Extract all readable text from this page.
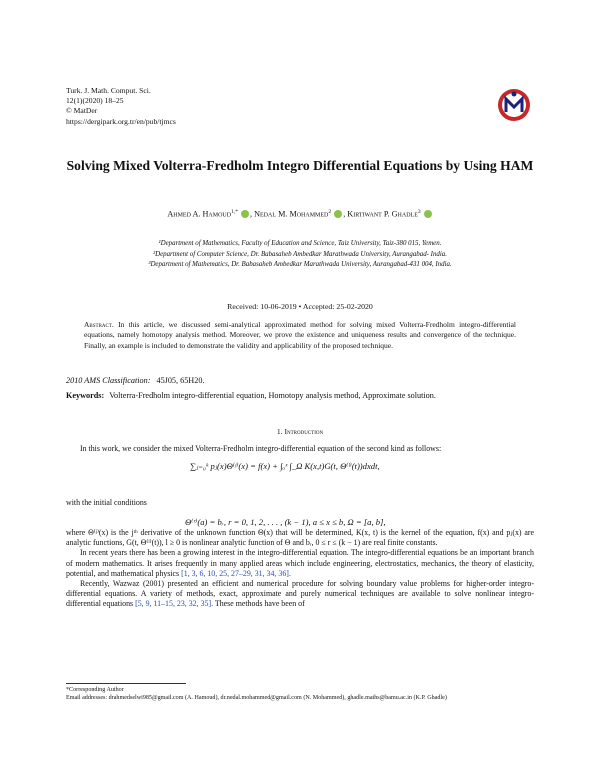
Turk. J. Math. Comput. Sci.
12(1)(2020) 18–25
© MatDer
https://dergipark.org.tr/en/pub/tjmcs
Solving Mixed Volterra-Fredholm Integro Differential Equations by Using HAM
Ahmed A. Hamoud$^{1,*}$ , Nedal M. Mohammed$^2$ , Kirtiwant P. Ghadle$^3$
¹Department of Mathematics, Faculty of Education and Science, Taiz University, Taiz-380 015, Yemen.
²Department of Computer Science, Dr. Babasaheb Ambedkar Marathwada University, Aurangabad- India.
³Department of Mathematics, Dr. Babasaheb Ambedkar Marathwada University, Aurangabad-431 004, India.
Received: 10-06-2019 • Accepted: 25-02-2020
Abstract. In this article, we discussed semi-analytical approximated method for solving mixed Volterra-Fredholm integro-differential equations, namely homotopy analysis method. Moreover, we prove the existence and uniqueness results and convergence of the technique. Finally, an example is included to demonstrate the validity and applicability of the proposed technique.
2010 AMS Classification: 45J05, 65H20.
Keywords: Volterra-Fredholm integro-differential equation, Homotopy analysis method, Approximate solution.
1. Introduction
In this work, we consider the mixed Volterra-Fredholm integro-differential equation of the second kind as follows:
∑ⱼ₌₀ᵏ pⱼ(x)Θ⁽ʲ⁾(x) = f(x) + ∫ₐˣ ∫_Ω K(x,t)G(t, Θ⁽ˡ⁾(t))dxdt,
with the initial conditions
Θ⁽ʳ⁾(a) = bᵣ, r = 0, 1, 2, . . . , (k − 1), a ≤ x ≤ b, Ω = [a, b],
where Θ⁽ʲ⁾(x) is the jᵗʰ derivative of the unknown function Θ(x) that will be determined, K(x, t) is the kernel of the equation, f(x) and pⱼ(x) are analytic functions, G(t, Θ⁽ˡ⁾(t)), l ≥ 0 is nonlinear analytic function of Θ and bᵣ, 0 ≤ r ≤ (k − 1) are real finite constants.
In recent years there has been a growing interest in the integro-differential equation. The integro-differential equations be an important branch of modern mathematics. It arises frequently in many applied areas which include engineering, electrostatics, mechanics, the theory of elasticity, potential, and mathematical physics [1, 3, 6, 10, 25, 27–29, 31, 34, 36].
Recently, Wazwaz (2001) presented an efficient and numerical procedure for solving boundary value problems for higher-order integro-differential equations. A variety of methods, exact, approximate and purely numerical techniques are available to solve nonlinear integro-differential equations [5, 9, 11–15, 23, 32, 35]. These methods have been of
*Corresponding Author
Email addresses: drahmedselwi985@gmail.com (A. Hamoud), dr.nedal.mohammed@gmail.com (N. Mohammed), ghadle.maths@bamu.ac.in (K.P. Ghadle)
